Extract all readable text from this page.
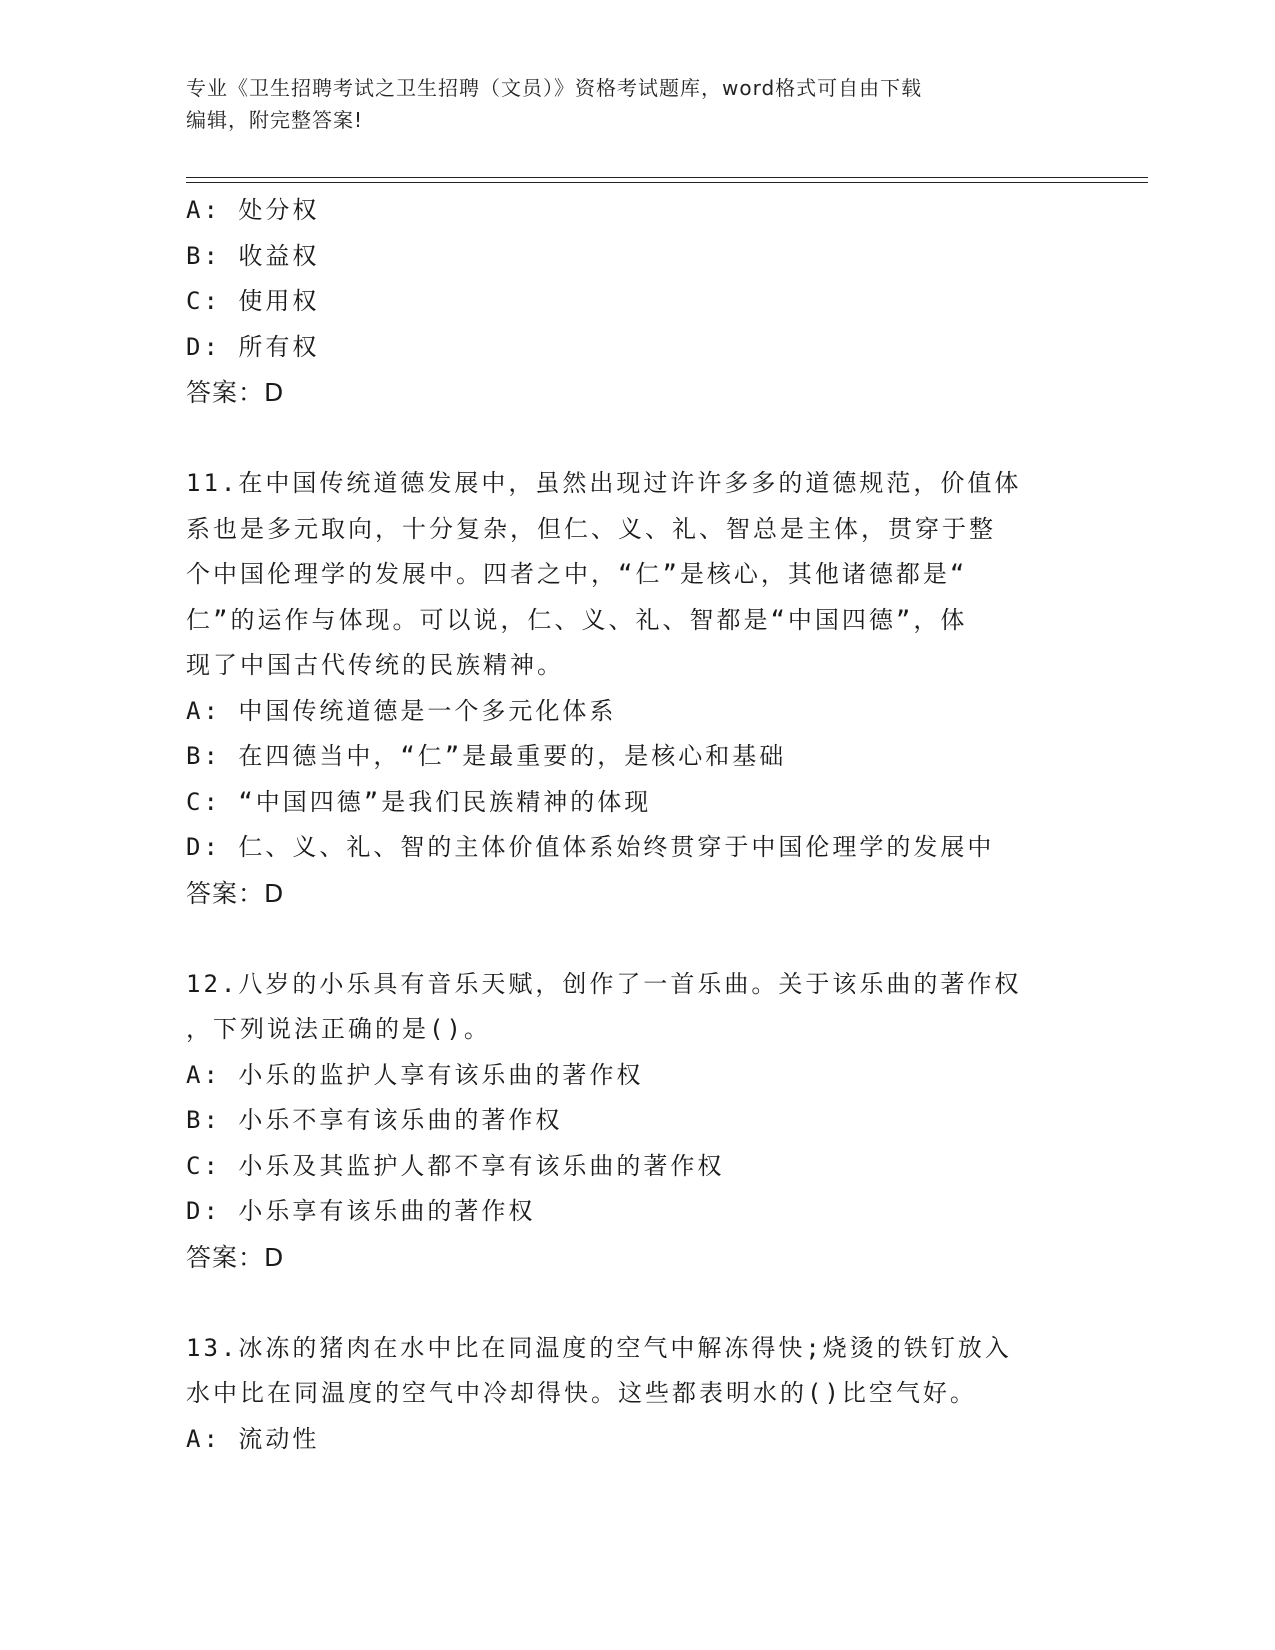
专业《卫生招聘考试之卫生招聘（文员）》资格考试题库，word格式可自由下载

编辑，附完整答案!

A: 处分权

B: 收益权

C: 使用权

D: 所有权

答案：D

11.在中国传统道德发展中，虽然出现过许许多多的道德规范，价值体

系也是多元取向，十分复杂，但仁、义、礼、智总是主体，贯穿于整

个中国伦理学的发展中。四者之中，“仁”是核心，其他诸德都是“

仁”的运作与体现。可以说，仁、义、礼、智都是“中国四德”，体

现了中国古代传统的民族精神。

A: 中国传统道德是一个多元化体系

B: 在四德当中，“仁”是最重要的，是核心和基础

C: “中国四德”是我们民族精神的体现

D: 仁、义、礼、智的主体价值体系始终贯穿于中国伦理学的发展中

答案：D

12.八岁的小乐具有音乐天赋，创作了一首乐曲。关于该乐曲的著作权

，下列说法正确的是()。

A: 小乐的监护人享有该乐曲的著作权

B: 小乐不享有该乐曲的著作权

C: 小乐及其监护人都不享有该乐曲的著作权

D: 小乐享有该乐曲的著作权

答案：D

13.冰冻的猪肉在水中比在同温度的空气中解冻得快;烧烫的铁钉放入

水中比在同温度的空气中冷却得快。这些都表明水的()比空气好。

A: 流动性
